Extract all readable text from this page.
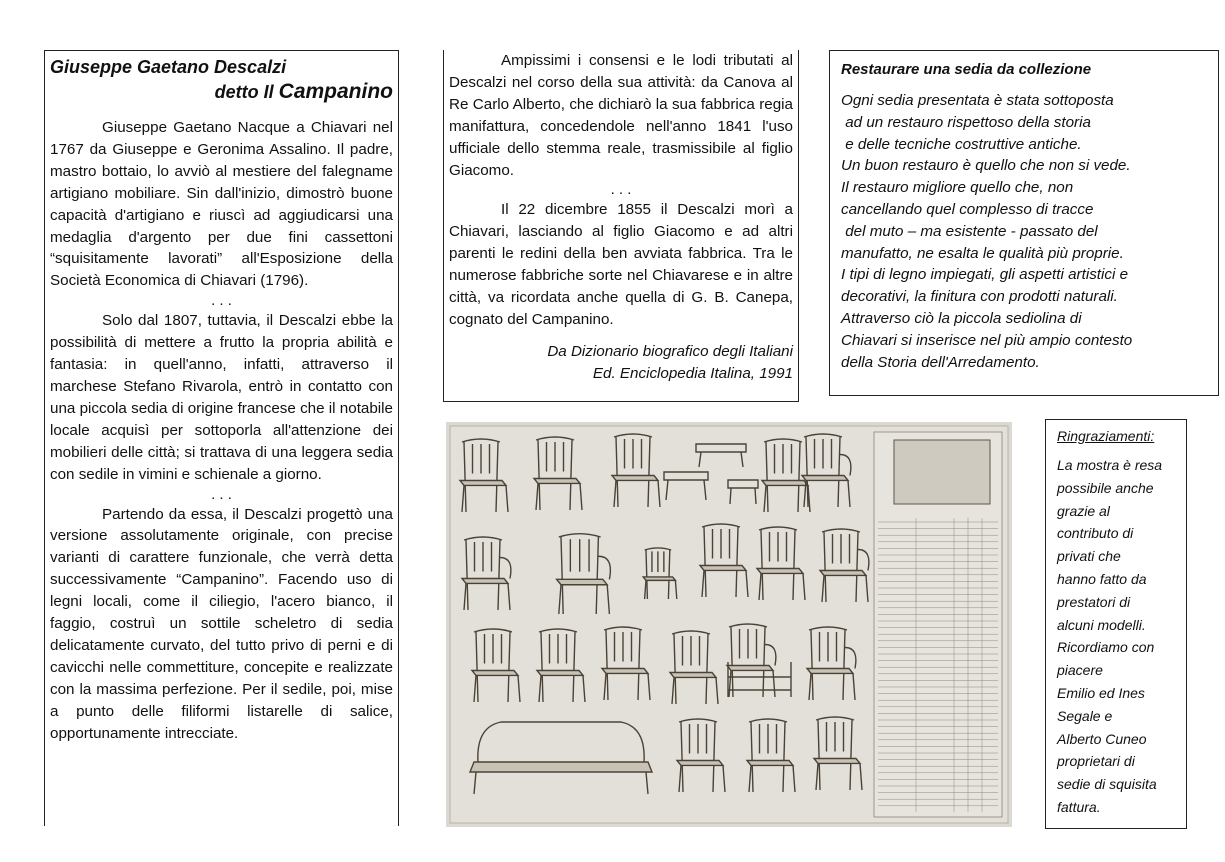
Giuseppe Gaetano Descalzi
detto Il Campanino

Giuseppe Gaetano Nacque a Chiavari nel 1767 da Giuseppe e Geronima Assalino. Il padre, mastro bottaio, lo avviò al mestiere del falegname artigiano mobiliare. Sin dall'inizio, dimostrò buone capacità d'artigiano e riuscì ad aggiudicarsi una medaglia d'argento per due fini cassettoni “squisitamente lavorati” all'Esposizione della Società Economica di Chiavari (1796).

. . .

Solo dal 1807, tuttavia, il Descalzi ebbe la possibilità di mettere a frutto la propria abilità e fantasia: in quell'anno, infatti, attraverso il marchese Stefano Rivarola, entrò in contatto con una piccola sedia di origine francese che il notabile locale acquisì per sottoporla all'attenzione dei mobilieri delle città; si trattava di una leggera sedia con sedile in vimini e schienale a giorno.

. . .

Partendo da essa, il Descalzi progettò una versione assolutamente originale, con precise varianti di carattere funzionale, che verrà detta successivamente “Campanino”. Facendo uso di legni locali, come il ciliegio, l'acero bianco, il faggio, costruì un sottile scheletro di sedia delicatamente curvato, del tutto privo di perni e di cavicchi nelle commettiture, concepite e realizzate con la massima perfezione. Per il sedile, poi, mise a punto delle filiformi listarelle di salice, opportunamente intrecciate.

Ampissimi i consensi e le lodi tributati al Descalzi nel corso della sua attività: da Canova al Re Carlo Alberto, che dichiarò la sua fabbrica regia manifattura, concedendole nell'anno 1841 l'uso ufficiale dello stemma reale, trasmissibile al figlio Giacomo.

. . .

Il 22 dicembre 1855 il Descalzi morì a Chiavari, lasciando al figlio Giacomo e ad altri parenti le redini della ben avviata fabbrica. Tra le numerose fabbriche sorte nel Chiavarese e in altre città, va ricordata anche quella di G. B. Canepa, cognato del Campanino.

Da Dizionario biografico degli Italiani
Ed. Enciclopedia Italina, 1991
Restaurare una sedia da collezione
Ogni sedia presentata è stata sottoposta
ad un restauro rispettoso della storia
e delle tecniche costruttive antiche.
Un buon restauro è quello che non si vede.
Il restauro migliore quello che, non
cancellando quel complesso di tracce
del muto – ma esistente - passato del
manufatto, ne esalta le qualità più proprie.
I tipi di legno impiegati, gli aspetti artistici e
decorativi, la finitura con prodotti naturali.
Attraverso ciò la piccola sediolina di
Chiavari si inserisce nel più ampio contesto
della Storia dell'Arredamento.
Ringraziamenti:
La mostra è resa
possibile anche
grazie al
contributo di
privati che
hanno fatto da
prestatori di
alcuni modelli.
Ricordiamo con
piacere
Emilio ed Ines
Segale e
Alberto Cuneo
proprietari di
sedie di squisita
fattura.
